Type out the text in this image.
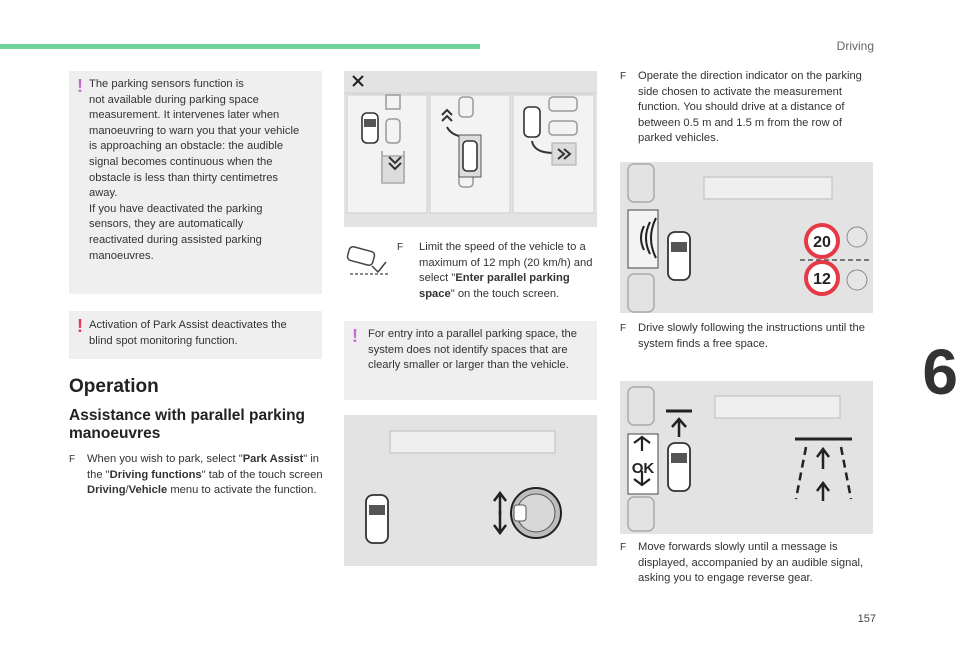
Driving
6
157
! The parking sensors function is
not available during parking space
measurement. It intervenes later when
manoeuvring to warn you that your vehicle
is approaching an obstacle: the audible
signal becomes continuous when the
obstacle is less than thirty centimetres
away.
If you have deactivated the parking
sensors, they are automatically
reactivated during assisted parking
manoeuvres.
! Activation of Park Assist deactivates the
blind spot monitoring function.
Operation
Assistance with parallel parking manoeuvres
F When you wish to park, select "Park Assist" in the "Driving functions" tab of the touch screen Driving/Vehicle menu to activate the function.
F Limit the speed of the vehicle to a maximum of 12 mph (20 km/h) and select "Enter parallel parking space" on the touch screen.
! For entry into a parallel parking space, the system does not identify spaces that are clearly smaller or larger than the vehicle.
F Operate the direction indicator on the parking side chosen to activate the measurement function. You should drive at a distance of between 0.5 m and 1.5 m from the row of parked vehicles.
20
12
F Drive slowly following the instructions until the system finds a free space.
OK
F Move forwards slowly until a message is displayed, accompanied by an audible signal, asking you to engage reverse gear.
